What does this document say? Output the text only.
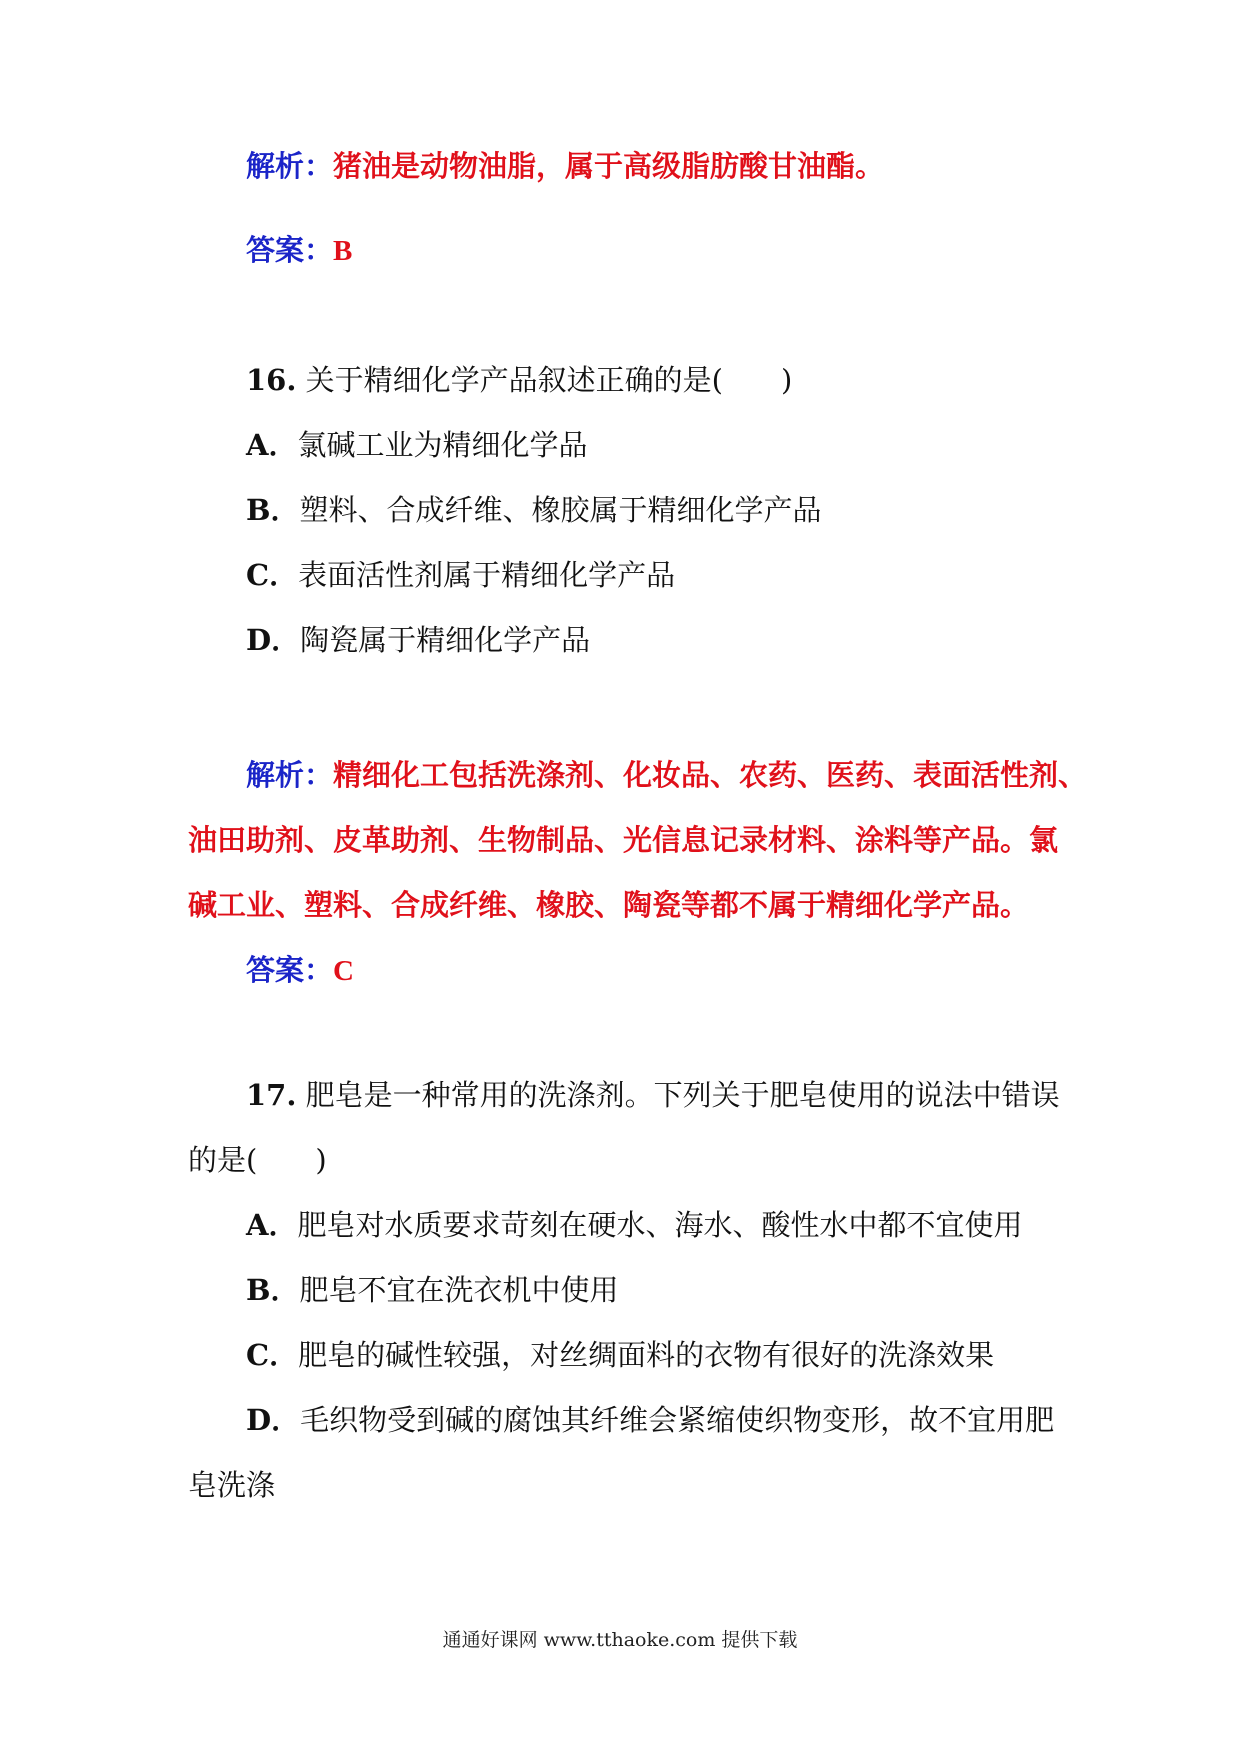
解析：猪油是动物油脂，属于高级脂肪酸甘油酯。
答案：B
16. 关于精细化学产品叙述正确的是(　　)
A．氯碱工业为精细化学品
B．塑料、合成纤维、橡胶属于精细化学产品
C．表面活性剂属于精细化学产品
D．陶瓷属于精细化学产品
解析：精细化工包括洗涤剂、化妆品、农药、医药、表面活性剂、
油田助剂、皮革助剂、生物制品、光信息记录材料、涂料等产品。氯
碱工业、塑料、合成纤维、橡胶、陶瓷等都不属于精细化学产品。
答案：C
17. 肥皂是一种常用的洗涤剂。下列关于肥皂使用的说法中错误
的是(　　)
A．肥皂对水质要求苛刻在硬水、海水、酸性水中都不宜使用
B．肥皂不宜在洗衣机中使用
C．肥皂的碱性较强，对丝绸面料的衣物有很好的洗涤效果
D．毛织物受到碱的腐蚀其纤维会紧缩使织物变形，故不宜用肥
皂洗涤
通通好课网 www.tthaoke.com 提供下载
